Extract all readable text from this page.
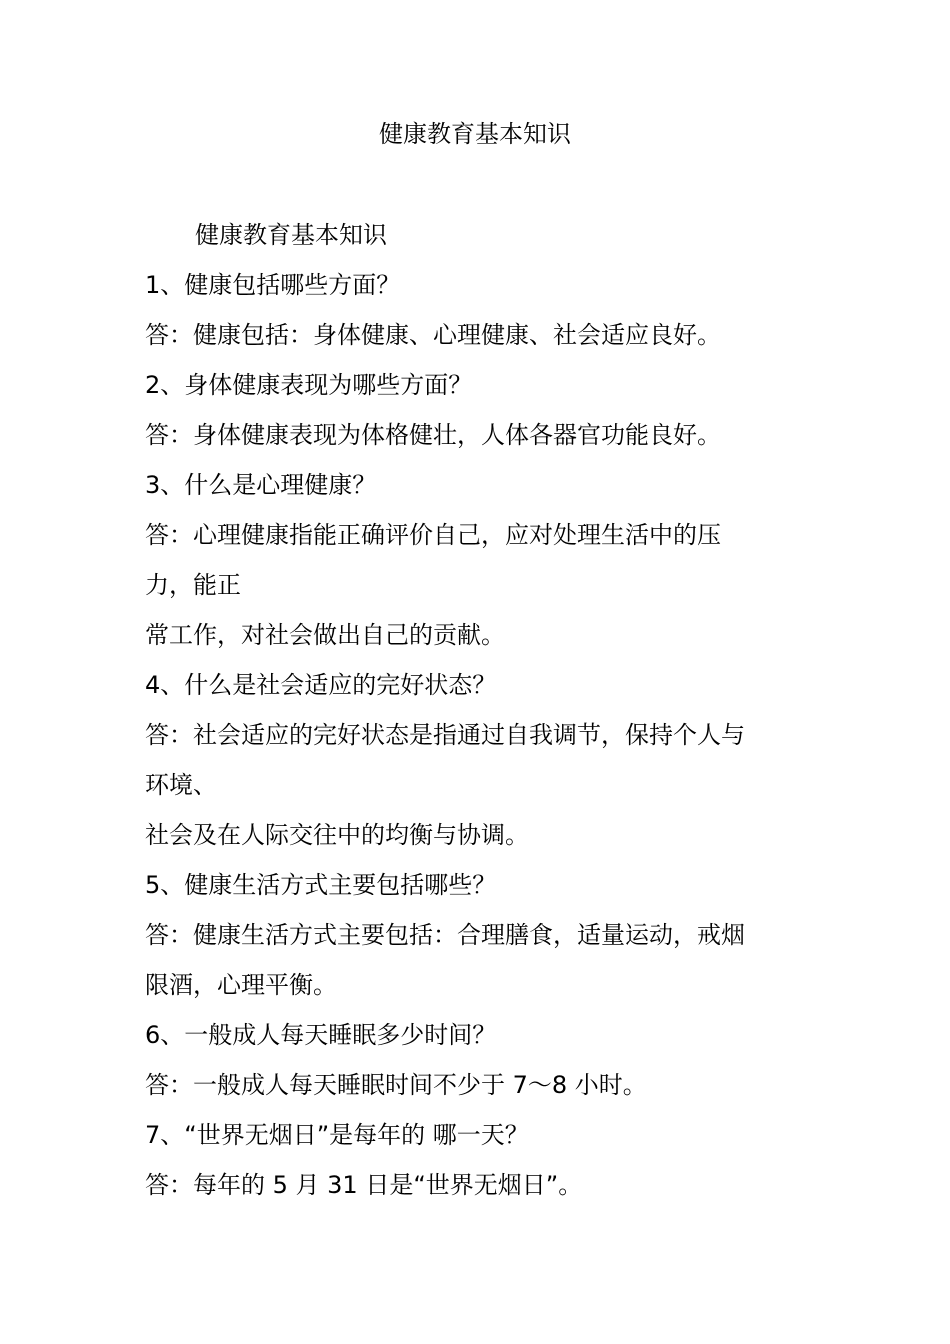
健康教育基本知识

健康教育基本知识

1、健康包括哪些方面？

答：健康包括：身体健康、心理健康、社会适应良好。

2、身体健康表现为哪些方面？

答：身体健康表现为体格健壮，人体各器官功能良好。

3、什么是心理健康？

答：心理健康指能正确评价自己，应对处理生活中的压

力，能正

常工作，对社会做出自己的贡献。

4、什么是社会适应的完好状态？

答：社会适应的完好状态是指通过自我调节，保持个人与

环境、

社会及在人际交往中的均衡与协调。

5、健康生活方式主要包括哪些？

答：健康生活方式主要包括：合理膳食，适量运动，戒烟

限酒，心理平衡。

6、一般成人每天睡眠多少时间？

答：一般成人每天睡眠时间不少于 7～8 小时。

7、“世界无烟日”是每年的 哪一天？

答：每年的 5 月 31 日是“世界无烟日”。
